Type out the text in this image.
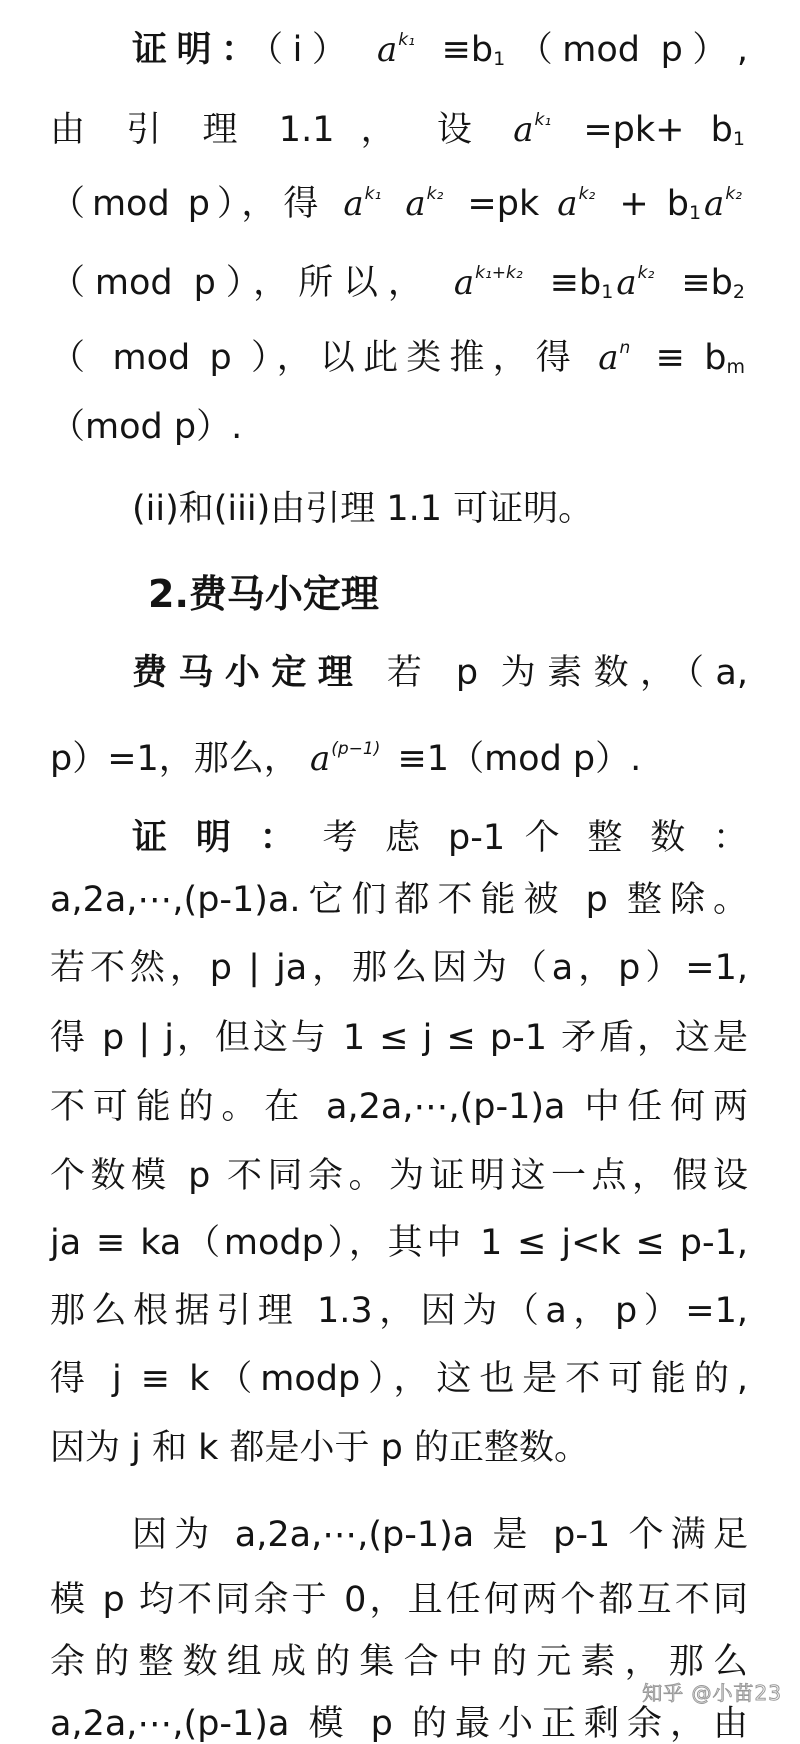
证明：（i） $a^{k_1} \equiv b_1(mod$ p）,
由 引 理 1.1 ， 设 $a^{k_1} =pk+ b_1$
（mod p），得 $a^{k_1}$ $a^{k_2} =pk$ $a^{k_2} + b_1a^{k_2}$
（mod p），所以， $a^{k_1+k_2} \equiv b_1a^{k_2} \equiv b_2$
（ mod p ），以此类推，得 $a^n \equiv b_m$
（mod p）.
(ii)和(iii)由引理 1.1 可证明。
2.费马小定理
费马小定理 若 p 为素数，（a,
p）=1，那么， $a^{(p-1)} \equiv 1(mod$ p）.
证 明 ： 考 虑 p-1 个 整 数 ：
a,2a,⋯,(p-1)a.它们都不能被 p 整除。
若不然，p | ja，那么因为（a，p）=1,
得 p | j，但这与 1 ≤ j ≤ p-1 矛盾，这是
不可能的。在 a,2a,⋯,(p-1)a 中任何两
个数模 p 不同余。为证明这一点，假设
ja ≡ ka（modp），其中 1 ≤ j<k ≤ p-1,
那么根据引理 1.3，因为（a，p）=1,
得 j ≡ k（modp），这也是不可能的,
因为 j 和 k 都是小于 p 的正整数。
因为 a,2a,⋯,(p-1)a 是 p-1 个满足
模 p 均不同余于 0，且任何两个都互不同
余的整数组成的集合中的元素，那么
a,2a,⋯,(p-1)a 模 p 的最小正剩余，由
知乎 @小苗23
